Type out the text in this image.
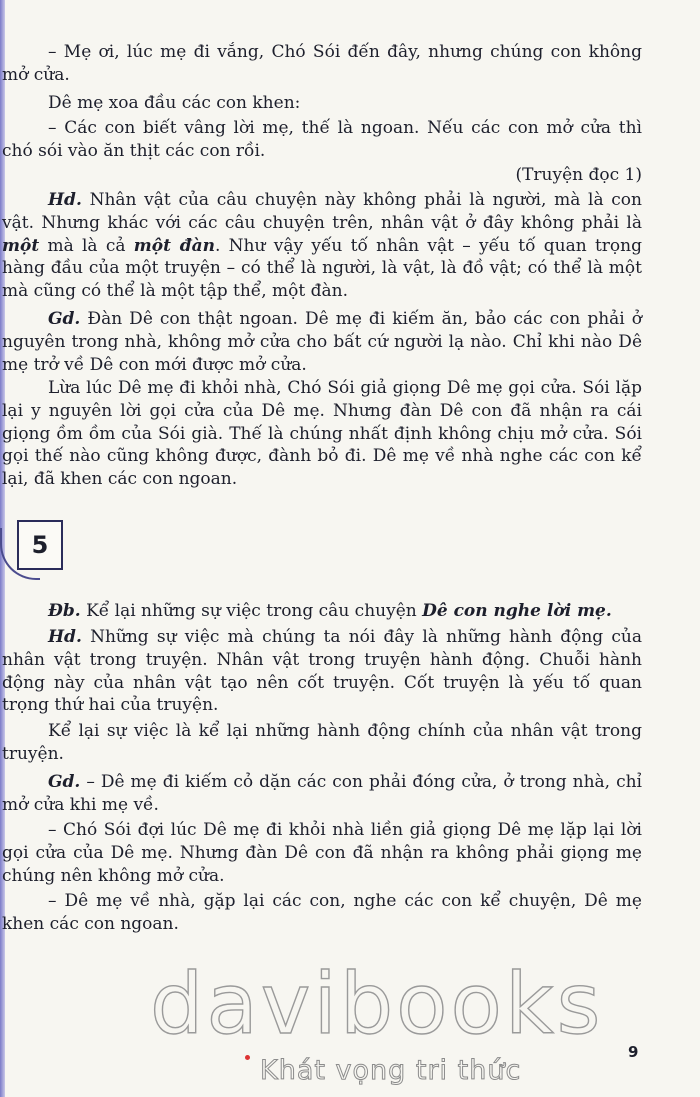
– Mẹ ơi, lúc mẹ đi vắng, Chó Sói đến đây, nhưng chúng con không mở cửa.

Dê mẹ xoa đầu các con khen:

– Các con biết vâng lời mẹ, thế là ngoan. Nếu các con mở cửa thì chó sói vào ăn thịt các con rồi.

(Truyện đọc 1)

Hd. Nhân vật của câu chuyện này không phải là người, mà là con vật. Nhưng khác với các câu chuyện trên, nhân vật ở đây không phải là một mà là cả một đàn. Như vậy yếu tố nhân vật – yếu tố quan trọng hàng đầu của một truyện – có thể là người, là vật, là đồ vật; có thể là một mà cũng có thể là một tập thể, một đàn.

Gd. Đàn Dê con thật ngoan. Dê mẹ đi kiếm ăn, bảo các con phải ở nguyên trong nhà, không mở cửa cho bất cứ người lạ nào. Chỉ khi nào Dê mẹ trở về Dê con mới được mở cửa.

Lừa lúc Dê mẹ đi khỏi nhà, Chó Sói giả giọng Dê mẹ gọi cửa. Sói lặp lại y nguyên lời gọi cửa của Dê mẹ. Nhưng đàn Dê con đã nhận ra cái giọng ồm ồm của Sói già. Thế là chúng nhất định không chịu mở cửa. Sói gọi thế nào cũng không được, đành bỏ đi. Dê mẹ về nhà nghe các con kể lại, đã khen các con ngoan.

5

Đb. Kể lại những sự việc trong câu chuyện Dê con nghe lời mẹ.

Hd. Những sự việc mà chúng ta nói đây là những hành động của nhân vật trong truyện. Nhân vật trong truyện hành động. Chuỗi hành động này của nhân vật tạo nên cốt truyện. Cốt truyện là yếu tố quan trọng thứ hai của truyện.

Kể lại sự việc là kể lại những hành động chính của nhân vật trong truyện.

Gd. – Dê mẹ đi kiếm cỏ dặn các con phải đóng cửa, ở trong nhà, chỉ mở cửa khi mẹ về.

– Chó Sói đợi lúc Dê mẹ đi khỏi nhà liền giả giọng Dê mẹ lặp lại lời gọi cửa của Dê mẹ. Nhưng đàn Dê con đã nhận ra không phải giọng mẹ chúng nên không mở cửa.

– Dê mẹ về nhà, gặp lại các con, nghe các con kể chuyện, Dê mẹ khen các con ngoan.

davibooks
Khát vọng tri thức
9
